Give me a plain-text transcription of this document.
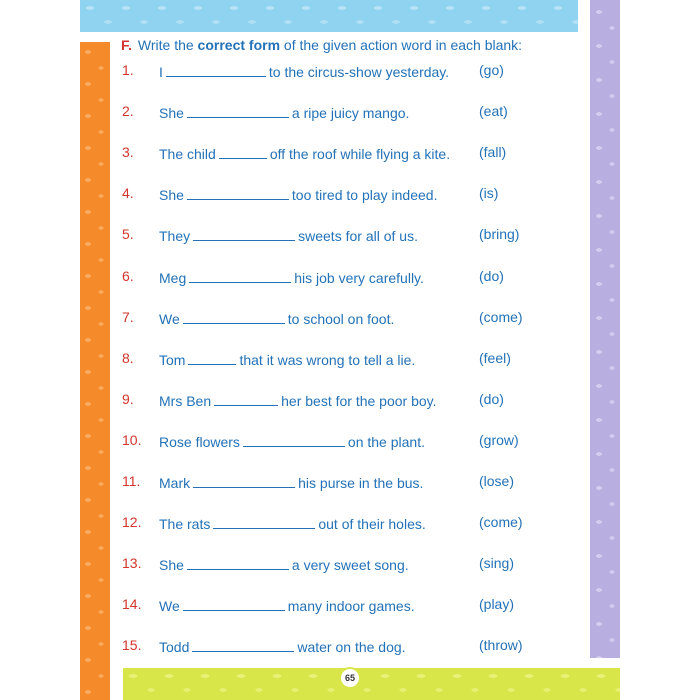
65
F. Write the correct form of the given action word in each blank:
1. I	to the circus-show yesterday. (go)
2. She	a ripe juicy mango.	(eat)
3. The child	off the roof while flying a kite. (fall)
4. She	too tired to play indeed.	(is)
5. They	sweets for all of us.	(bring)
6. Meg	his job very carefully.	(do)
7. We	to school on foot.	(come)
8. Tom	that it was wrong to tell a lie.	(feel)
9. Mrs Ben	her best for the poor boy.	(do)
10. Rose flowers	on the plant.	(grow)
11. Mark	his purse in the bus.	(lose)
12. The rats	out of their holes.	(come)
13. She	a very sweet song.	(sing)
14. We	many indoor games.	(play)
15. Todd	water on the dog.	(throw)
